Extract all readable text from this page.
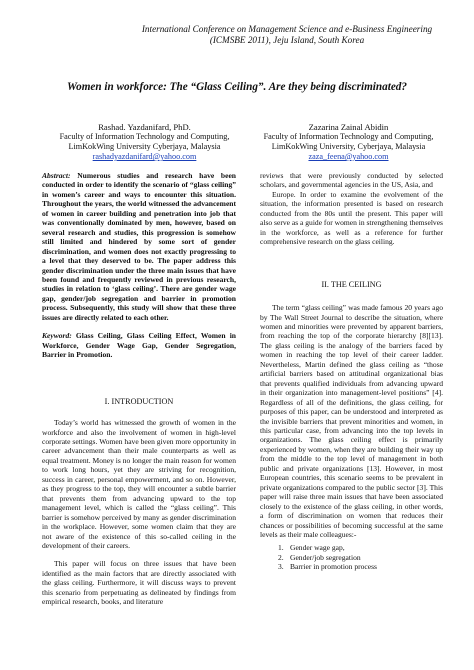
International Conference on Management Science and e-Business Engineering
(ICMSBE 2011), Jeju Island, South Korea
Women in workforce: The “Glass Ceiling”. Are they being discriminated?
Rashad. Yazdanifard, PhD.
Faculty of Information Technology and Computing,
LimKokWing University Cyberjaya, Malaysia
rashadyazdanifard@yahoo.com
Zazarina Zainal Abidin
Faculty of Information Technology and Computing,
LimKokWing University, Cyberjaya, Malaysia
zaza_feena@yahoo.com
Abstract: Numerous studies and research have been conducted in order to identify the scenario of “glass ceiling” in women’s career and ways to encounter this situation. Throughout the years, the world witnessed the advancement of women in career building and penetration into job that was conventionally dominated by men, however, based on several research and studies, this progression is somehow still limited and hindered by some sort of gender discrimination, and women does not exactly progressing to a level that they deserved to be. The paper address this gender discrimination under the three main issues that have been found and frequently reviewed in previous research, studies in relation to ‘glass ceiling’. There are gender wage gap, gender/job segregation and barrier in promotion process. Subsequently, this study will show that these three issues are directly related to each other.
Keyword: Glass Ceiling, Glass Ceiling Effect, Women in Workforce, Gender Wage Gap, Gender Segregation, Barrier in Promotion.

I. INTRODUCTION

Today’s world has witnessed the growth of women in the workforce and also the involvement of women in high-level corporate settings. Women have been given more opportunity in career advancement than their male counterparts as well as equal treatment. Money is no longer the main reason for women to work long hours, yet they are striving for recognition, success in career, personal empowerment, and so on. However, as they progress to the top, they will encounter a subtle barrier that prevents them from advancing upward to the top management level, which is called the “glass ceiling”. This barrier is somehow perceived by many as gender discrimination in the workplace. However, some women claim that they are not aware of the existence of this so-called ceiling in the development of their careers.

This paper will focus on three issues that have been identified as the main factors that are directly associated with the glass ceiling. Furthermore, it will discuss ways to prevent this scenario from perpetuating as delineated by findings from empirical research, books, and literature

reviews that were previously conducted by selected scholars, and governmental agencies in the US, Asia, and

Europe. In order to examine the evolvement of the situation, the information presented is based on research conducted from the 80s until the present. This paper will also serve as a guide for women in strengthening themselves in the workforce, as well as a reference for further comprehensive research on the glass ceiling.

II. THE CEILING

The term “glass ceiling” was made famous 20 years ago by The Wall Street Journal to describe the situation, where women and minorities were prevented by apparent barriers, from reaching the top of the corporate hierarchy [8][13]. The glass ceiling is the analogy of the barriers faced by women in reaching the top level of their career ladder. Nevertheless, Martin defined the glass ceiling as “those artificial barriers based on attitudinal organizational bias that prevents qualified individuals from advancing upward in their organization into management-level positions” [4]. Regardless of all of the definitions, the glass ceiling, for purposes of this paper, can be understood and interpreted as the invisible barriers that prevent minorities and women, in this particular case, from advancing into the top levels in organizations. The glass ceiling effect is primarily experienced by women, when they are building their way up from the middle to the top level of management in both public and private organizations [13]. However, in most European countries, this scenario seems to be prevalent in private organizations compared to the public sector [3]. This paper will raise three main issues that have been associated closely to the existence of the glass ceiling, in other words, a form of discrimination on women that reduces their chances or possibilities of becoming successful at the same levels as their male colleagues:-

1. Gender wage gap,
2. Gender/job segregation
3. Barrier in promotion process
